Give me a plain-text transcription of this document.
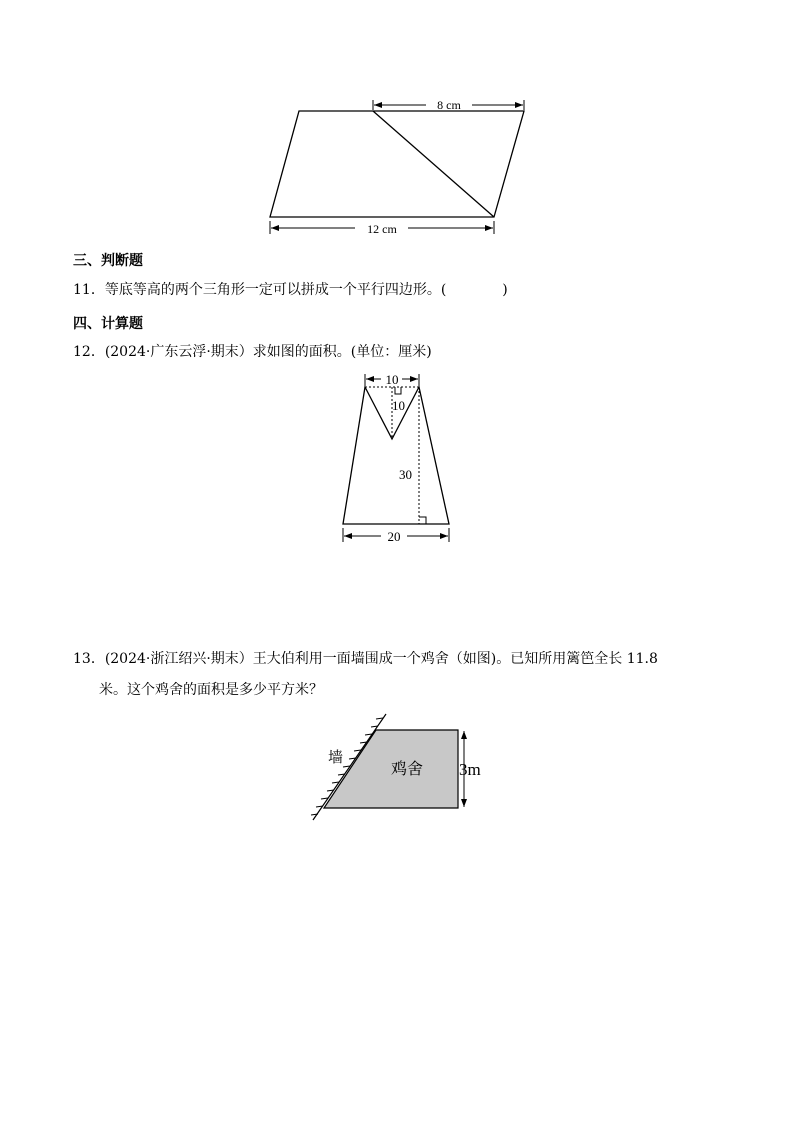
8 cm
12 cm
三、判断题
11．等底等高的两个三角形一定可以拼成一个平行四边形。(　　　　)
四、计算题
12．(2024·广东云浮·期末）求如图的面积。(单位：厘米)
10
10
30
20
13．(2024·浙江绍兴·期末）王大伯利用一面墙围成一个鸡舍（如图)。已知所用篱笆全长 11.8
米。这个鸡舍的面积是多少平方米？
墙
鸡舍 3m
